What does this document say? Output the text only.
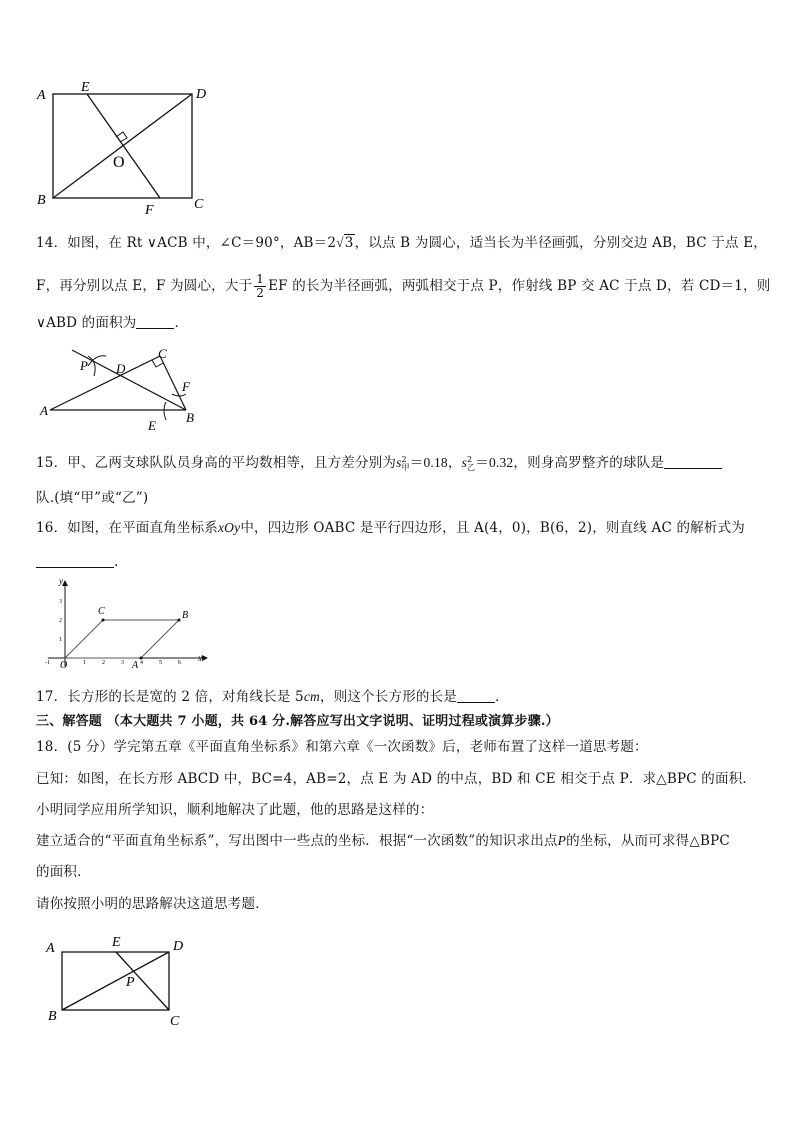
A
E	D
O
B
F	C
14．如图，在 Rt ∨ACB 中，∠C＝90°，AB＝2√3，以点 B 为圆心，适当长为半径画弧，分别交边 AB，BC 于点 E，
F，再分别以点 E，F 为圆心，大于 $\frac{1}{2}$ EF 的长为半径画弧，两弧相交于点 P，作射线 BP 交 AC 于点 D，若 CD＝1，则
∨ABD 的面积为	．
P D
C
F
A
E
B
15．甲、乙两支球队队员身高的平均数相等，且方差分别为s 2
甲 ＝0.18，s 2
乙 ＝0.32，则身高罗整齐的球队是
队.(填“甲”或“乙”)
16．如图，在平面直角坐标系xOy中，四边形 OABC 是平行四边形，且 A(4，0)，B(6，2)，则直线 AC 的解析式为
.
y
x
O
C	B
A
-1	1	2	3	4	5	6
3
2
1
17．长方形的长是宽的 2 倍，对角线长是 5cm，则这个长方形的长是	．
三、解答题 （本大题共 7 小题，共 64 分.解答应写出文字说明、证明过程或演算步骤.）
18．(5 分）学完第五章《平面直角坐标系》和第六章《一次函数》后，老师布置了这样一道思考题：
已知：如图，在长方形 ABCD 中，BC=4，AB=2，点 E 为 AD 的中点，BD 和 CE 相交于点 P．求△BPC 的面积．
小明同学应用所学知识，顺利地解决了此题，他的思路是这样的：
建立适合的“平面直角坐标系”，写出图中一些点的坐标．根据“一次函数”的知识求出点P的坐标，从而可求得△BPC
的面积．
请你按照小明的思路解决这道思考题．
A	E	D
P
B	C
